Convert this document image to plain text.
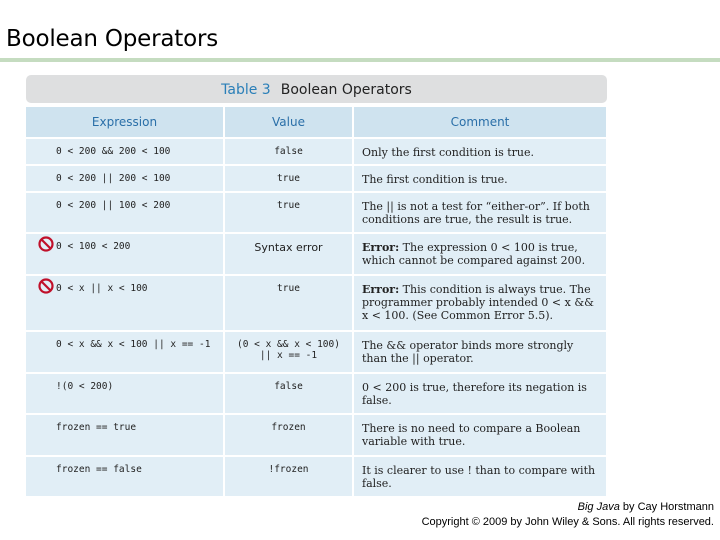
Boolean Operators
Table 3 Boolean Operators
Expression	Value	Comment
0 < 200 && 200 < 100	false	Only the first condition is true.
0 < 200 || 200 < 100	true	The first condition is true.
0 < 200 || 100 < 200	true	The || is not a test for “either-or”. If both conditions are true, the result is true.
0 < 100 < 200	Syntax error	Error: The expression 0 < 100 is true, which cannot be compared against 200.
0 < x || x < 100	true	Error: This condition is always true. The programmer probably intended 0 < x && x < 100. (See Common Error 5.5).
0 < x && x < 100 || x == -1	(0 < x && x < 100) || x == -1	The && operator binds more strongly than the || operator.
!(0 < 200)	false	0 < 200 is true, therefore its negation is false.
frozen == true	frozen	There is no need to compare a Boolean variable with true.
frozen == false	!frozen	It is clearer to use ! than to compare with false.
Big Java by Cay Horstmann
Copyright © 2009 by John Wiley & Sons. All rights reserved.
